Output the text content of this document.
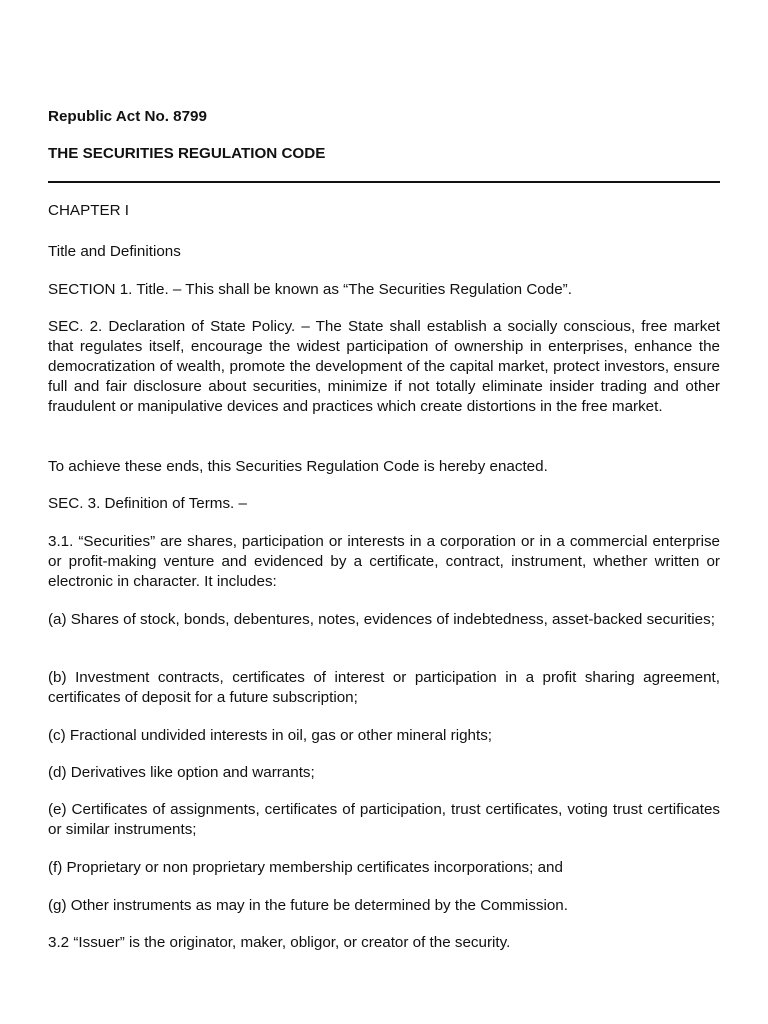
Republic Act No. 8799

THE SECURITIES REGULATION CODE

CHAPTER I

Title and Definitions

SECTION 1. Title. – This shall be known as “The Securities Regulation Code”.

SEC. 2. Declaration of State Policy. – The State shall establish a socially conscious, free market that regulates itself, encourage the widest participation of ownership in enterprises, enhance the democratization of wealth, promote the development of the capital market, protect investors, ensure full and fair disclosure about securities, minimize if not totally eliminate insider trading and other fraudulent or manipulative devices and practices which create distortions in the free market.

To achieve these ends, this Securities Regulation Code is hereby enacted.

SEC. 3. Definition of Terms. –

3.1. “Securities” are shares, participation or interests in a corporation or in a commercial enterprise or profit-making venture and evidenced by a certificate, contract, instrument, whether written or electronic in character. It includes:

(a) Shares of stock, bonds, debentures, notes, evidences of indebtedness, asset-backed securities;

(b) Investment contracts, certificates of interest or participation in a profit sharing agreement, certificates of deposit for a future subscription;

(c) Fractional undivided interests in oil, gas or other mineral rights;

(d) Derivatives like option and warrants;

(e) Certificates of assignments, certificates of participation, trust certificates, voting trust certificates or similar instruments;

(f) Proprietary or non proprietary membership certificates incorporations; and

(g) Other instruments as may in the future be determined by the Commission.

3.2 “Issuer” is the originator, maker, obligor, or creator of the security.
